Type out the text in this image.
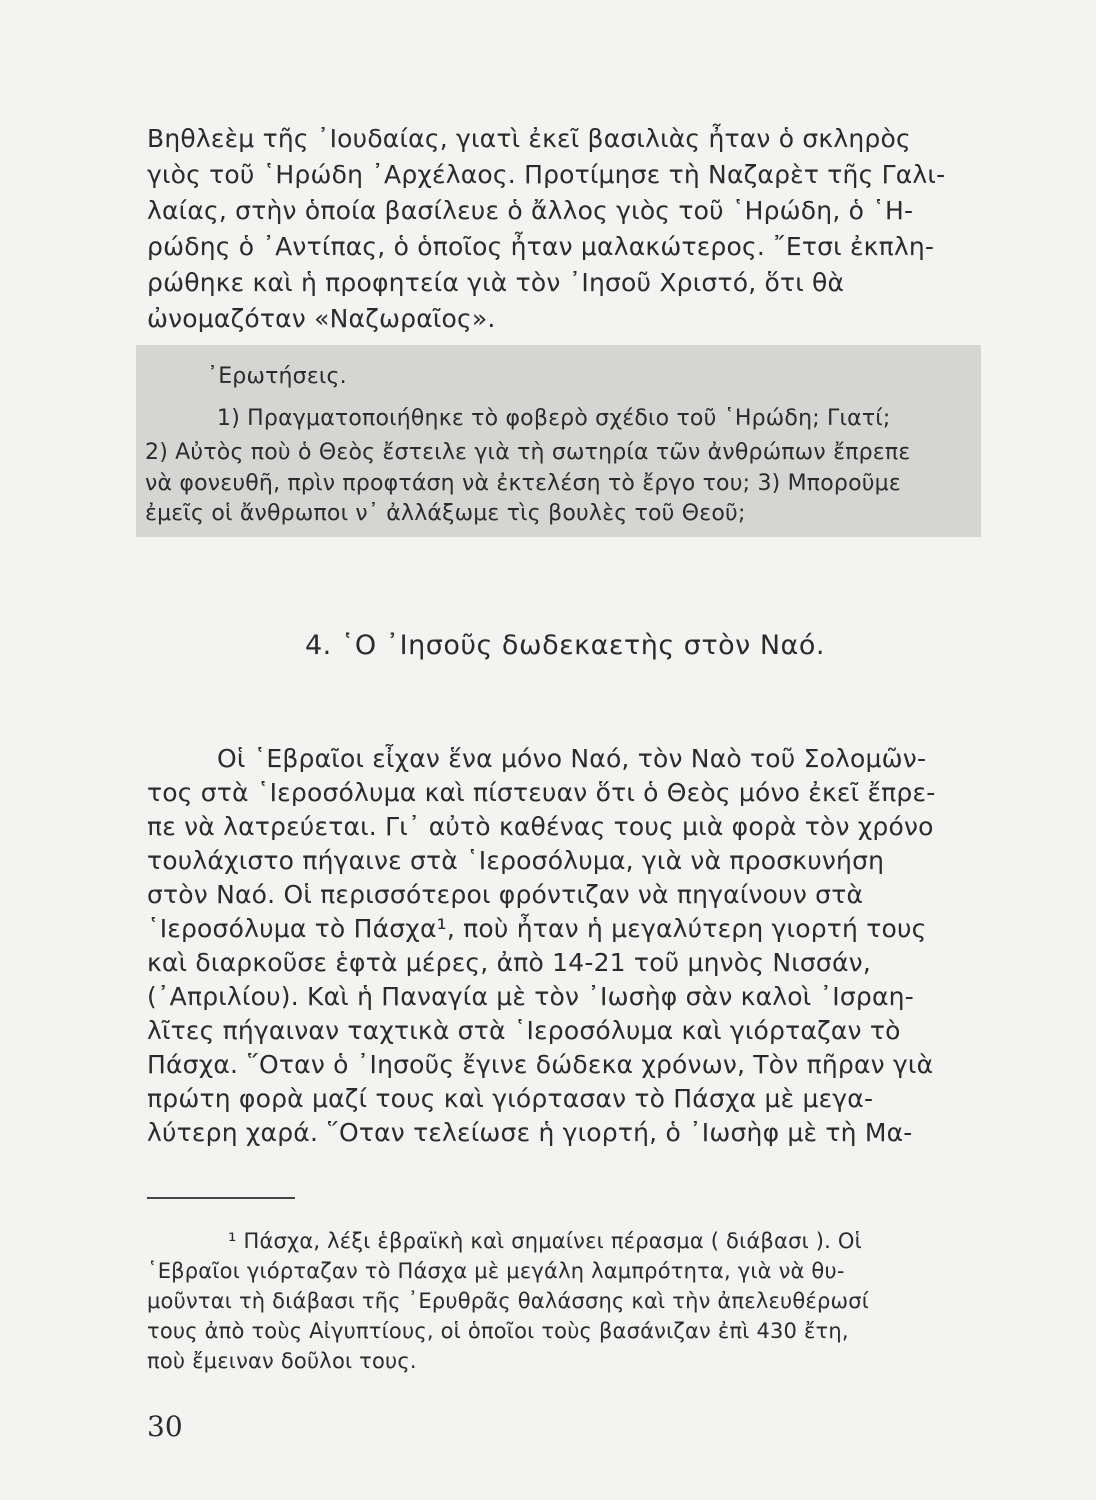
Βηθλεὲμ τῆς ᾿Ιουδαίας, γιατὶ ἐκεῖ βασιλιὰς ἦταν ὁ σκληρὸς

γιὸς τοῦ ῾Ηρώδη ᾿Αρχέλαος. Προτίμησε τὴ Ναζαρὲτ τῆς Γαλι-

λαίας, στὴν ὁποία βασίλευε ὁ ἄλλος γιὸς τοῦ ῾Ηρώδη, ὁ ῾Η-

ρώδης ὁ ᾿Αντίπας, ὁ ὁποῖος ἦταν μαλακώτερος. ῎Ετσι ἐκπλη-

ρώθηκε καὶ ἡ προφητεία γιὰ τὸν ᾿Ιησοῦ Χριστό, ὅτι θὰ

ὠνομαζόταν «Ναζωραῖος».

᾿Ερωτήσεις.

1) Πραγματοποιήθηκε τὸ φοβερὸ σχέδιο τοῦ ῾Ηρώδη; Γιατί;

2) Αὐτὸς ποὺ ὁ Θεὸς ἔστειλε γιὰ τὴ σωτηρία τῶν ἀνθρώπων ἔπρεπε

νὰ φονευθῆ, πρὶν προφτάση νὰ ἐκτελέση τὸ ἔργο του; 3) Μποροῦμε

ἐμεῖς οἱ ἄνθρωποι ν᾿ ἀλλάξωμε τὶς βουλὲς τοῦ Θεοῦ;

4. ῾Ο ᾿Ιησοῦς δωδεκαετὴς στὸν Ναό.

Οἱ ῾Εβραῖοι εἶχαν ἕνα μόνο Ναό, τὸν Ναὸ τοῦ Σολομῶν-

τος στὰ ῾Ιεροσόλυμα καὶ πίστευαν ὅτι ὁ Θεὸς μόνο ἐκεῖ ἔπρε-

πε νὰ λατρεύεται. Γι᾿ αὐτὸ καθένας τους μιὰ φορὰ τὸν χρόνο

τουλάχιστο πήγαινε στὰ ῾Ιεροσόλυμα, γιὰ νὰ προσκυνήση

στὸν Ναό. Οἱ περισσότεροι φρόντιζαν νὰ πηγαίνουν στὰ

῾Ιεροσόλυμα τὸ Πάσχα¹, ποὺ ἦταν ἡ μεγαλύτερη γιορτή τους

καὶ διαρκοῦσε ἑφτὰ μέρες, ἀπὸ 14-21 τοῦ μηνὸς Νισσάν,

(᾿Απριλίου). Καὶ ἡ Παναγία μὲ τὸν ᾿Ιωσὴφ σὰν καλοὶ ᾿Ισραη-

λῖτες πήγαιναν ταχτικὰ στὰ ῾Ιεροσόλυμα καὶ γιόρταζαν τὸ

Πάσχα. ῞Οταν ὁ ᾿Ιησοῦς ἔγινε δώδεκα χρόνων, Τὸν πῆραν γιὰ

πρώτη φορὰ μαζί τους καὶ γιόρτασαν τὸ Πάσχα μὲ μεγα-

λύτερη χαρά. ῞Οταν τελείωσε ἡ γιορτή, ὁ ᾿Ιωσὴφ μὲ τὴ Μα-

¹ Πάσχα, λέξι ἑβραϊκὴ καὶ σημαίνει πέρασμα ( διάβασι ). Οἱ

῾Εβραῖοι γιόρταζαν τὸ Πάσχα μὲ μεγάλη λαμπρότητα, γιὰ νὰ θυ-

μοῦνται τὴ διάβασι τῆς ᾿Ερυθρᾶς θαλάσσης καὶ τὴν ἀπελευθέρωσί

τους ἀπὸ τοὺς Αἰγυπτίους, οἱ ὁποῖοι τοὺς βασάνιζαν ἐπὶ 430 ἔτη,

ποὺ ἔμειναν δοῦλοι τους.

30
